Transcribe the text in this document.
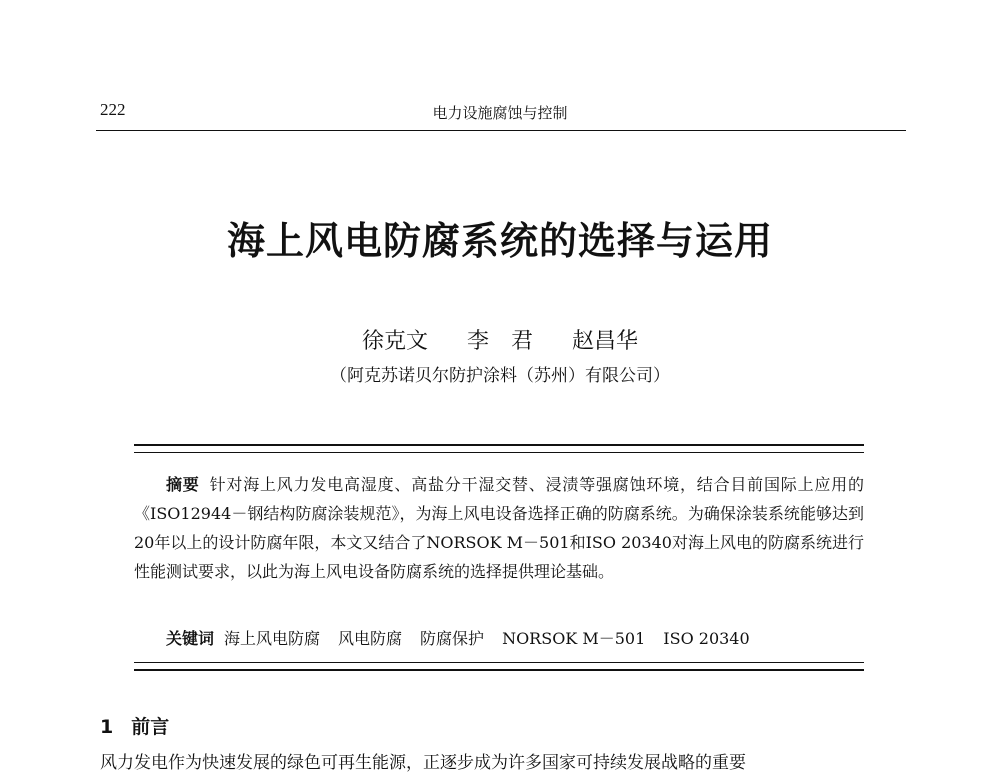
222	电力设施腐蚀与控制
海上风电防腐系统的选择与运用
徐克文 李　君 赵昌华
（阿克苏诺贝尔防护涂料（苏州）有限公司）
摘要 针对海上风力发电高湿度、高盐分干湿交替、浸渍等强腐蚀环境，结合目前国际上应用的《ISO12944－钢结构防腐涂装规范》，为海上风电设备选择正确的防腐系统。为确保涂装系统能够达到20年以上的设计防腐年限，本文又结合了NORSOK M－501和ISO 20340对海上风电的防腐系统进行性能测试要求，以此为海上风电设备防腐系统的选择提供理论基础。
关键词 海上风电防腐 风电防腐 防腐保护 NORSOK M－501 ISO 20340
1 前言
风力发电作为快速发展的绿色可再生能源，正逐步成为许多国家可持续发展战略的重要
